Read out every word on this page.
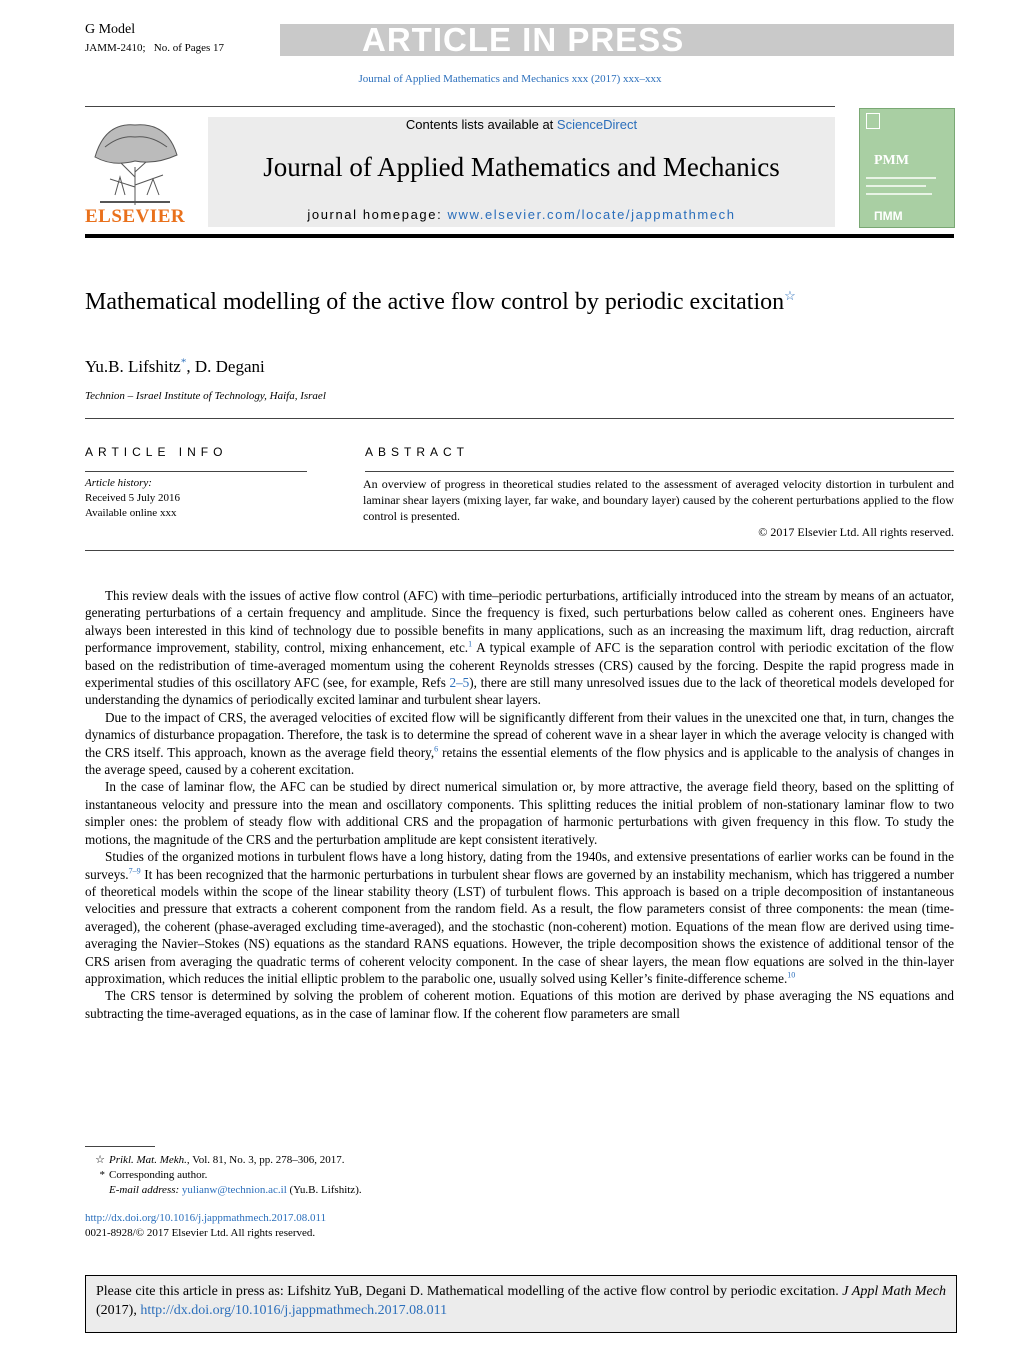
ARTICLE IN PRESS
G Model
JAMM-2410; No. of Pages 17
Journal of Applied Mathematics and Mechanics xxx (2017) xxx–xxx
ELSEVIER
Contents lists available at ScienceDirect
Journal of Applied Mathematics and Mechanics
journal homepage: www.elsevier.com/locate/jappmathmech
PMM
ПММ
Mathematical modelling of the active flow control by periodic excitation☆
Yu.B. Lifshitz*, D. Degani
Technion – Israel Institute of Technology, Haifa, Israel
ARTICLE INFO	ABSTRACT
Article history:
Received 5 July 2016
Available online xxx
An overview of progress in theoretical studies related to the assessment of averaged velocity distortion in turbulent and laminar shear layers (mixing layer, far wake, and boundary layer) caused by the coherent perturbations applied to the flow control is presented.
© 2017 Elsevier Ltd. All rights reserved.

This review deals with the issues of active flow control (AFC) with time–periodic perturbations, artificially introduced into the stream by means of an actuator, generating perturbations of a certain frequency and amplitude. Since the frequency is fixed, such perturbations below called as coherent ones. Engineers have always been interested in this kind of technology due to possible benefits in many applications, such as an increasing the maximum lift, drag reduction, aircraft performance improvement, stability, control, mixing enhancement, etc.$^1$ A typical example of AFC is the separation control with periodic excitation of the flow based on the redistribution of time-averaged momentum using the coherent Reynolds stresses (CRS) caused by the forcing. Despite the rapid progress made in experimental studies of this oscillatory AFC (see, for example, Refs 2–5), there are still many unresolved issues due to the lack of theoretical models developed for understanding the dynamics of periodically excited laminar and turbulent shear layers.

Due to the impact of CRS, the averaged velocities of excited flow will be significantly different from their values in the unexcited one that, in turn, changes the dynamics of disturbance propagation. Therefore, the task is to determine the spread of coherent wave in a shear layer in which the average velocity is changed with the CRS itself. This approach, known as the average field theory,$^6$ retains the essential elements of the flow physics and is applicable to the analysis of changes in the average speed, caused by a coherent excitation.

In the case of laminar flow, the AFC can be studied by direct numerical simulation or, by more attractive, the average field theory, based on the splitting of instantaneous velocity and pressure into the mean and oscillatory components. This splitting reduces the initial problem of non-stationary laminar flow to two simpler ones: the problem of steady flow with additional CRS and the propagation of harmonic perturbations with given frequency in this flow. To study the motions, the magnitude of the CRS and the perturbation amplitude are kept consistent iteratively.

Studies of the organized motions in turbulent flows have a long history, dating from the 1940s, and extensive presentations of earlier works can be found in the surveys.$^{7-9}$ It has been recognized that the harmonic perturbations in turbulent shear flows are governed by an instability mechanism, which has triggered a number of theoretical models within the scope of the linear stability theory (LST) of turbulent flows. This approach is based on a triple decomposition of instantaneous velocities and pressure that extracts a coherent component from the random field. As a result, the flow parameters consist of three components: the mean (time-averaged), the coherent (phase-averaged excluding time-averaged), and the stochastic (non-coherent) motion. Equations of the mean flow are derived using time-averaging the Navier–Stokes (NS) equations as the standard RANS equations. However, the triple decomposition shows the existence of additional tensor of the CRS arisen from averaging the quadratic terms of coherent velocity component. In the case of shear layers, the mean flow equations are solved in the thin-layer approximation, which reduces the initial elliptic problem to the parabolic one, usually solved using Keller’s finite-difference scheme.$^{10}$

The CRS tensor is determined by solving the problem of coherent motion. Equations of this motion are derived by phase averaging the NS equations and subtracting the time-averaged equations, as in the case of laminar flow. If the coherent flow parameters are small

☆ Prikl. Mat. Mekh., Vol. 81, No. 3, pp. 278–306, 2017.
* Corresponding author.
E-mail address: yulianw@technion.ac.il (Yu.B. Lifshitz).
http://dx.doi.org/10.1016/j.jappmathmech.2017.08.011
0021-8928/© 2017 Elsevier Ltd. All rights reserved.
Please cite this article in press as: Lifshitz YuB, Degani D. Mathematical modelling of the active flow control by periodic excitation. J Appl Math Mech (2017), http://dx.doi.org/10.1016/j.jappmathmech.2017.08.011
